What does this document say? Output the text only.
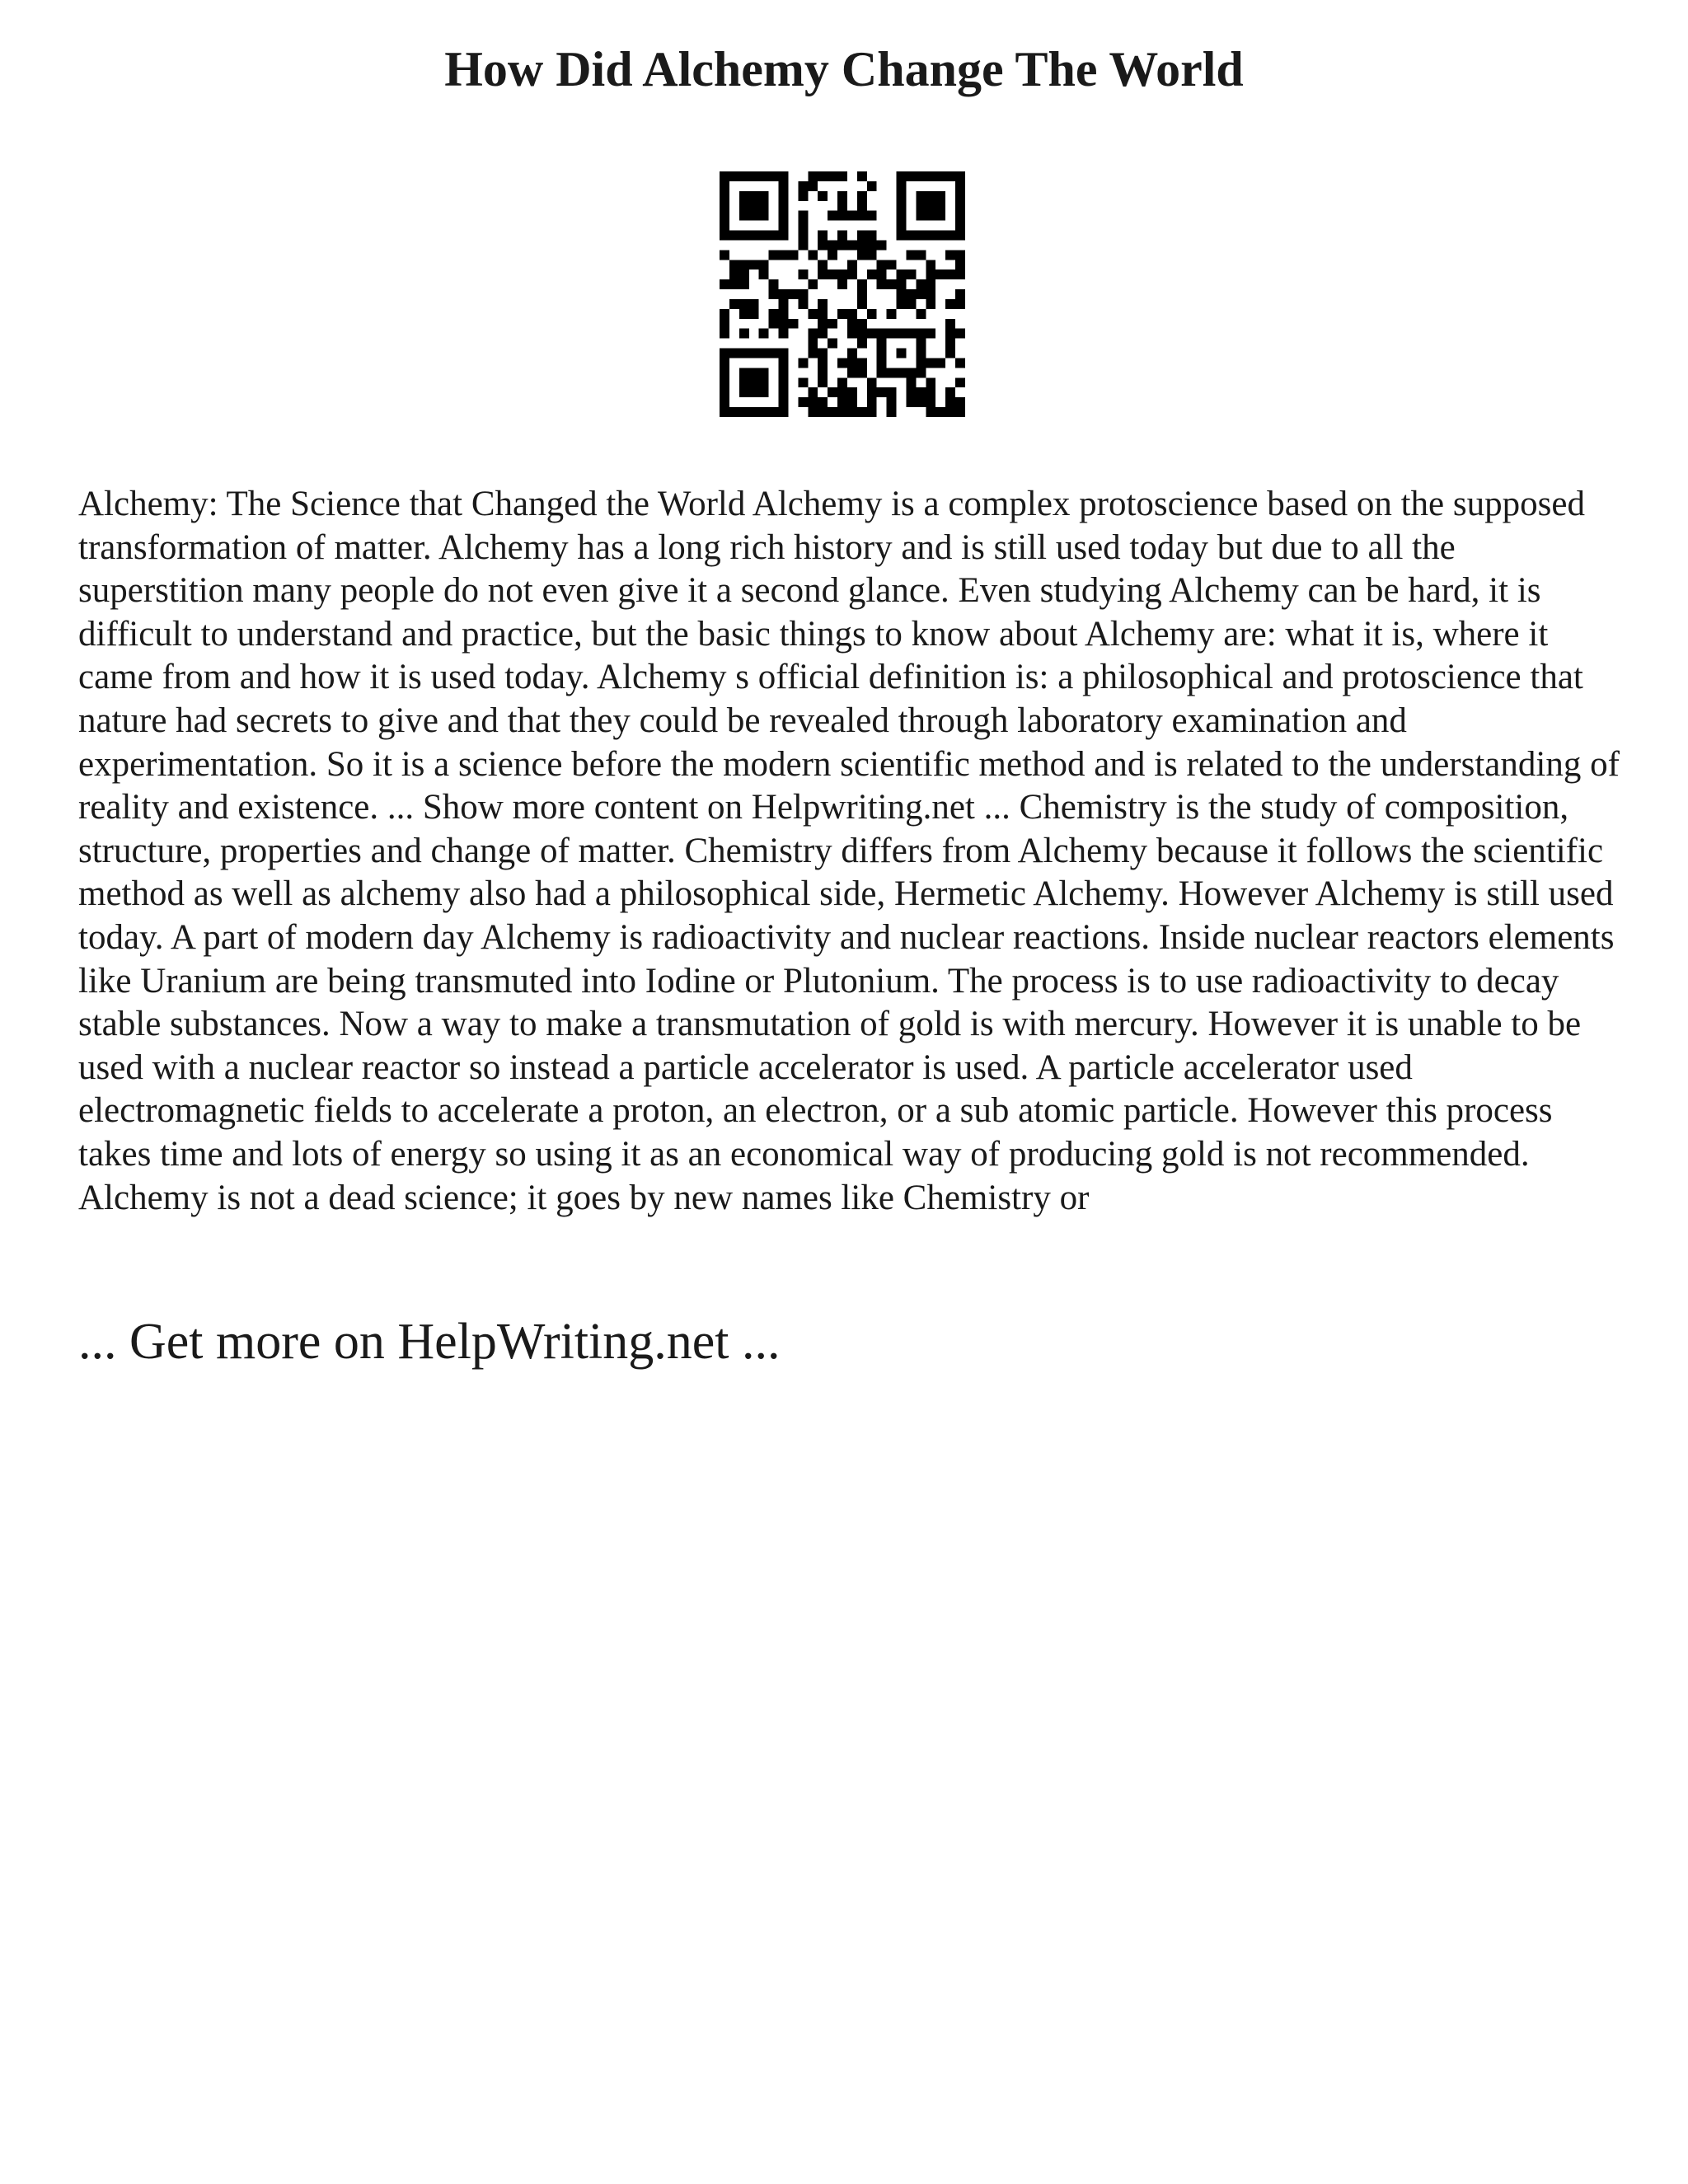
How Did Alchemy Change The World

Alchemy: The Science that Changed the World Alchemy is a complex protoscience based on the supposed transformation of matter. Alchemy has a long rich history and is still used today but due to all the superstition many people do not even give it a second glance. Even studying Alchemy can be hard, it is difficult to understand and practice, but the basic things to know about Alchemy are: what it is, where it came from and how it is used today. Alchemy s official definition is: a philosophical and protoscience that nature had secrets to give and that they could be revealed through laboratory examination and experimentation. So it is a science before the modern scientific method and is related to the understanding of reality and existence. ... Show more content on Helpwriting.net ... Chemistry is the study of composition, structure, properties and change of matter. Chemistry differs from Alchemy because it follows the scientific method as well as alchemy also had a philosophical side, Hermetic Alchemy. However Alchemy is still used today. A part of modern day Alchemy is radioactivity and nuclear reactions. Inside nuclear reactors elements like Uranium are being transmuted into Iodine or Plutonium. The process is to use radioactivity to decay stable substances. Now a way to make a transmutation of gold is with mercury. However it is unable to be used with a nuclear reactor so instead a particle accelerator is used. A particle accelerator used electromagnetic fields to accelerate a proton, an electron, or a sub atomic particle. However this process takes time and lots of energy so using it as an economical way of producing gold is not recommended. Alchemy is not a dead science; it goes by new names like Chemistry or

... Get more on HelpWriting.net ...
